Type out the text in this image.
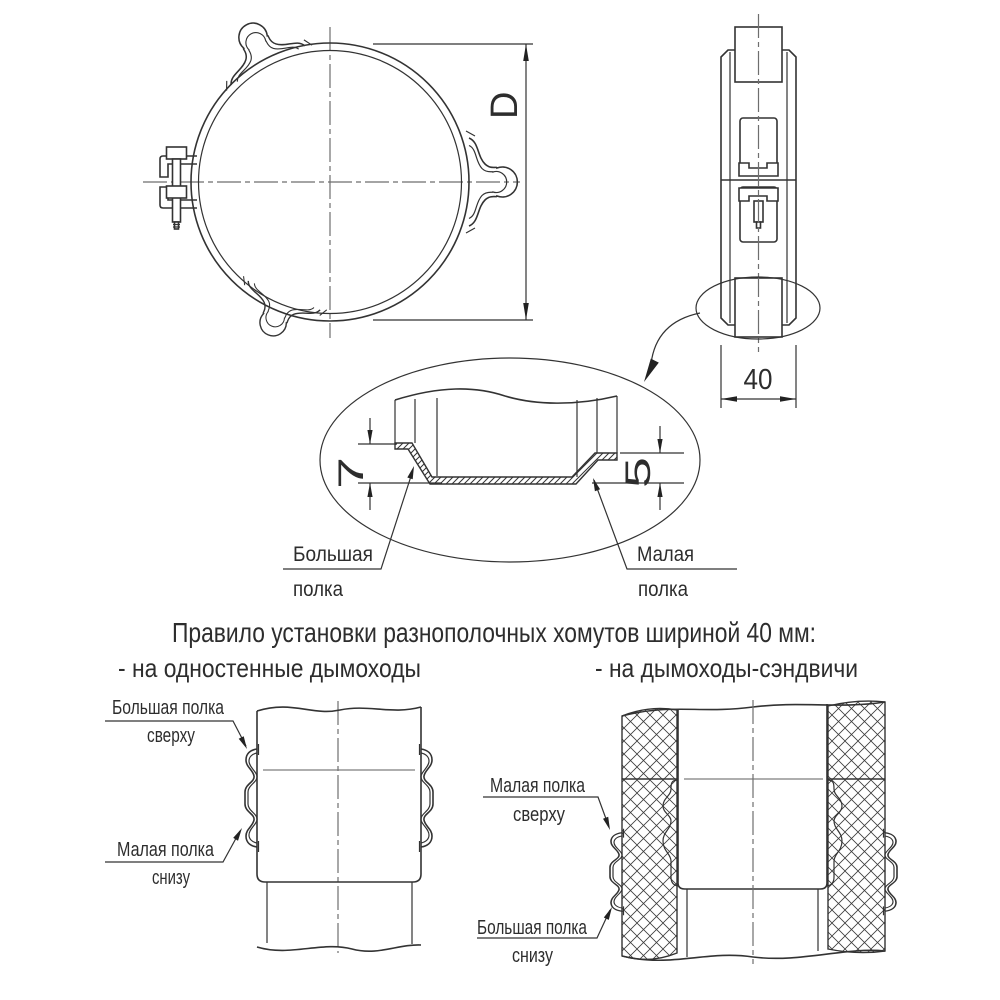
D
40
7	5
Большая
полка
Малая
полка
Правило установки разнополочных хомутов шириной 40 мм:
- на одностенные дымоходы	- на дымоходы-сэндвичи
Большая полка
сверху
Малая полка
снизу
Малая полка
сверху
Большая полка
снизу
